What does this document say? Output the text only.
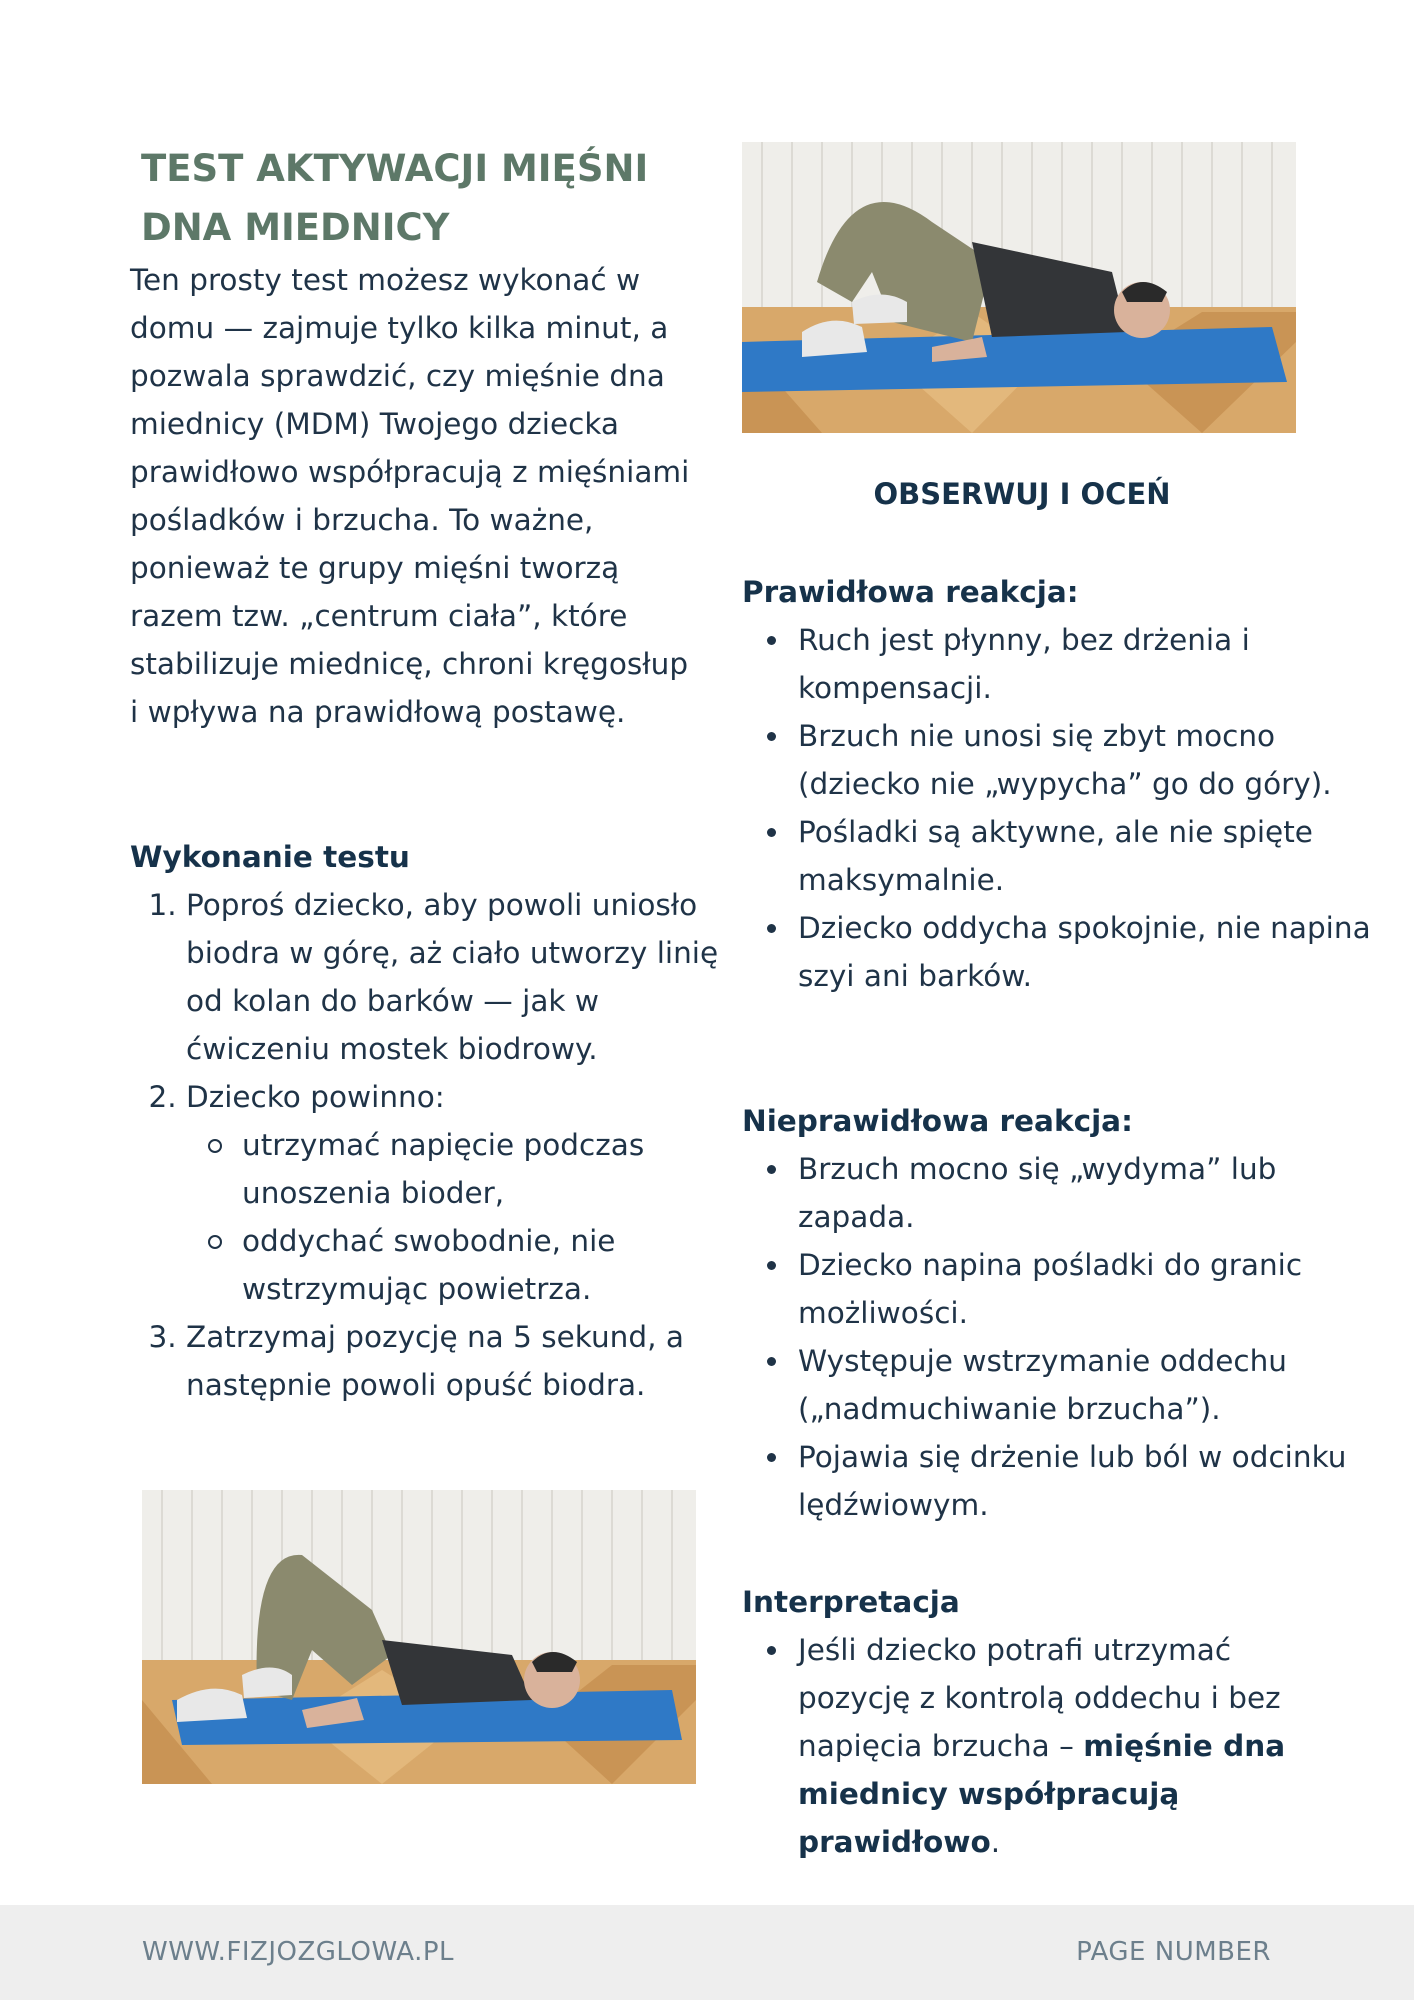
TEST AKTYWACJI MIĘŚNI
DNA MIEDNICY

Ten prosty test możesz wykonać w domu — zajmuje tylko kilka minut, a pozwala sprawdzić, czy mięśnie dna miednicy (MDM) Twojego dziecka prawidłowo współpracują z mięśniami pośladków i brzucha. To ważne, ponieważ te grupy mięśni tworzą razem tzw. „centrum ciała”, które stabilizuje miednicę, chroni kręgosłup i wpływa na prawidłową postawę.

Wykonanie testu
1. Poproś dziecko, aby powoli uniosło biodra w górę, aż ciało utworzy linię od kolan do barków — jak w ćwiczeniu mostek biodrowy.
2. Dziecko powinno:
utrzymać napięcie podczas unoszenia bioder,
oddychać swobodnie, nie wstrzymując powietrza.
3. Zatrzymaj pozycję na 5 sekund, a następnie powoli opuść biodra.
OBSERWUJ I OCEŃ
Prawidłowa reakcja:
Ruch jest płynny, bez drżenia i kompensacji.
Brzuch nie unosi się zbyt mocno (dziecko nie „wypycha” go do góry).
Pośladki są aktywne, ale nie spięte maksymalnie.
Dziecko oddycha spokojnie, nie napina szyi ani barków.
Nieprawidłowa reakcja:
Brzuch mocno się „wydyma” lub zapada.
Dziecko napina pośladki do granic możliwości.
Występuje wstrzymanie oddechu („nadmuchiwanie brzucha”).
Pojawia się drżenie lub ból w odcinku lędźwiowym.
Interpretacja
Jeśli dziecko potrafi utrzymać pozycję z kontrolą oddechu i bez napięcia brzucha – mięśnie dna miednicy współpracują prawidłowo.
WWW.FIZJOZGLOWA.PL	PAGE NUMBER
